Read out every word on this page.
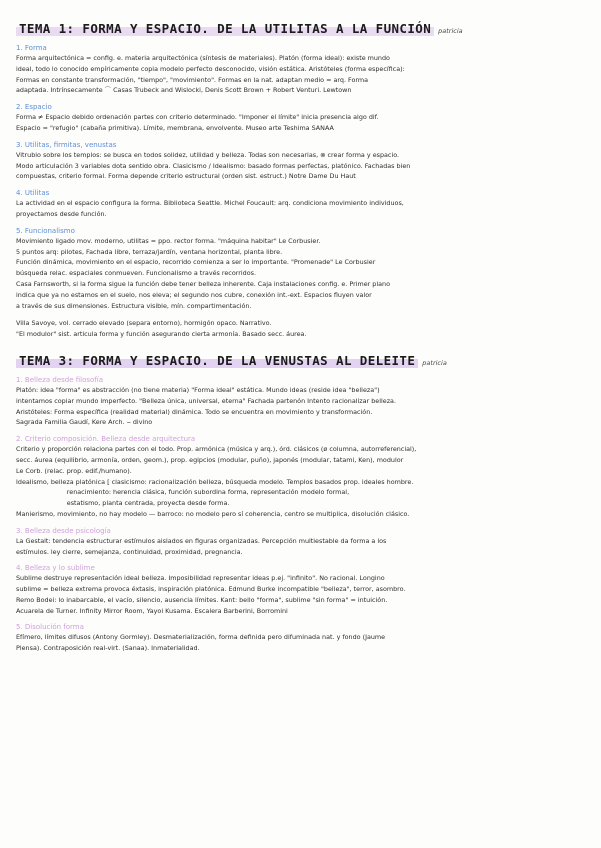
TEMA 1: FORMA Y ESPACIO. DE LA UTILITAS A LA FUNCIÓN patricia
1. Forma

Forma arquitectónica = config. e. materia arquitectónica (síntesis de materiales). Platón (forma ideal): existe mundo

ideal, todo lo conocido empíricamente copia modelo perfecto desconocido, visión estática. Aristóteles (forma específica):

Formas en constante transformación, "tiempo", "movimiento". Formas en la nat. adaptan medio = arq. Forma

adaptada. Intrínsecamente ⌒ Casas Trubeck and Wislocki, Denis Scott Brown + Robert Venturi. Lewtown

2. Espacio

Forma ≠ Espacio debido ordenación partes con criterio determinado. "Imponer el límite" inicia presencia algo dif.

Espacio = "refugio" (cabaña primitiva). Límite, membrana, envolvente. Museo arte Teshima SANAA

3. Utilitas, firmitas, venustas

Vitrubio sobre los templos: se busca en todos solidez, utilidad y belleza. Todas son necesarias, ⊗ crear forma y espacio.

Modo articulación 3 variables dota sentido obra. Clasicismo / Idealismo: basado formas perfectas, platónico. Fachadas bien

compuestas, criterio formal. Forma depende criterio estructural (orden sist. estruct.) Notre Dame Du Haut

4. Utilitas

La actividad en el espacio configura la forma. Biblioteca Seattle. Michel Foucault: arq. condiciona movimiento individuos,

proyectamos desde función.

5. Funcionalismo

Movimiento ligado mov. moderno, utilitas = ppo. rector forma. "máquina habitar" Le Corbusier.

5 puntos arq: pilotes, Fachada libre, terraza/jardín, ventana horizontal, planta libre.

Función dinámica, movimiento en el espacio, recorrido comienza a ser lo importante. "Promenade" Le Corbusier

búsqueda relac. espaciales conmueven. Funcionalismo a través recorridos.

Casa Farnsworth, si la forma sigue la función debe tener belleza inherente. Caja instalaciones config. e. Primer plano

indica que ya no estamos en el suelo, nos eleva; el segundo nos cubre, conexión int.-ext. Espacios fluyen valor

a través de sus dimensiones. Estructura visible, mín. compartimentación.

Villa Savoye, vol. cerrado elevado (separa entorno), hormigón opaco. Narrativo.

"El modulor" sist. articula forma y función asegurando cierta armonía. Basado secc. áurea.

TEMA 3: FORMA Y ESPACIO. DE LA VENUSTAS AL DELEITE patricia
1. Belleza desde filosofía

Platón: idea "forma" es abstracción (no tiene materia) "Forma ideal" estática. Mundo ideas (reside idea "belleza")

intentamos copiar mundo imperfecto. "Belleza única, universal, eterna" Fachada partenón Intento racionalizar belleza.

Aristóteles: Forma específica (realidad material) dinámica. Todo se encuentra en movimiento y transformación.

Sagrada Familia Gaudí, Kere Arch. ⌣ divino

2. Criterio composición. Belleza desde arquitectura

Criterio y proporción relaciona partes con el todo. Prop. armónica (música y arq.), órd. clásicos (ø columna, autorreferencial),

secc. áurea (equilibrio, armonía, orden, geom.), prop. egipcios (modular, puño), japonés (modular, tatami, Ken), modulor

Le Corb. (relac. prop. edif./humano).

Idealismo, belleza platónica [ clasicismo: racionalización belleza, búsqueda modelo. Templos basados prop. ideales hombre.

renacimiento: herencia clásica, función subordina forma, representación modelo formal,

estatismo, planta centrada, proyecta desde forma.

Manierismo, movimiento, no hay modelo — barroco: no modelo pero sí coherencia, centro se multiplica, disolución clásico.

3. Belleza desde psicología

La Gestalt: tendencia estructurar estímulos aislados en figuras organizadas. Percepción multiestable da forma a los

estímulos. ley cierre, semejanza, continuidad, proximidad, pregnancia.

4. Belleza y lo sublime

Sublime destruye representación ideal belleza. Imposibilidad representar ideas p.ej. "infinito". No racional. Longino

sublime = belleza extrema provoca éxtasis, inspiración platónica. Edmund Burke incompatible "belleza", terror, asombro.

Remo Bodei: lo inabarcable, el vacío, silencio, ausencia límites. Kant: bello "forma", sublime "sin forma" = intuición.

Acuarela de Turner. Infinity Mirror Room, Yayoi Kusama. Escalera Barberini, Borromini

5. Disolución forma

Efímero, límites difusos (Antony Gormley). Desmaterialización, forma definida pero difuminada nat. y fondo (Jaume

Plensa). Contraposición real-virt. (Sanaa). Inmaterialidad.
